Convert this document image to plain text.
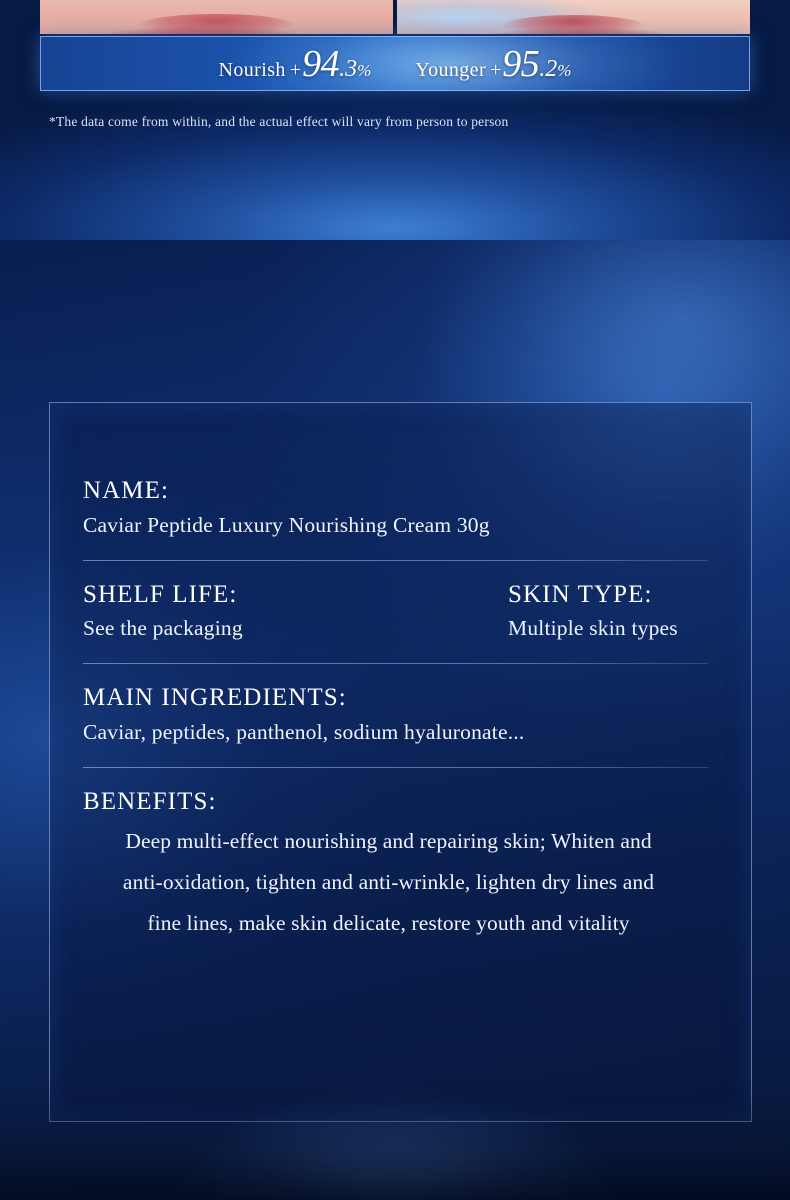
Nourish + 94 .3 % Younger + 95 .2 %
*The data come from within, and the actual effect will vary from person to person

NAME:

Caviar Peptide Luxury Nourishing Cream 30g

SHELF LIFE:

See the packaging

SKIN TYPE:

Multiple skin types

MAIN INGREDIENTS:

Caviar, peptides, panthenol, sodium hyaluronate...

BENEFITS:

Deep multi-effect nourishing and repairing skin; Whiten and

anti-oxidation, tighten and anti-wrinkle, lighten dry lines and

fine lines, make skin delicate, restore youth and vitality
